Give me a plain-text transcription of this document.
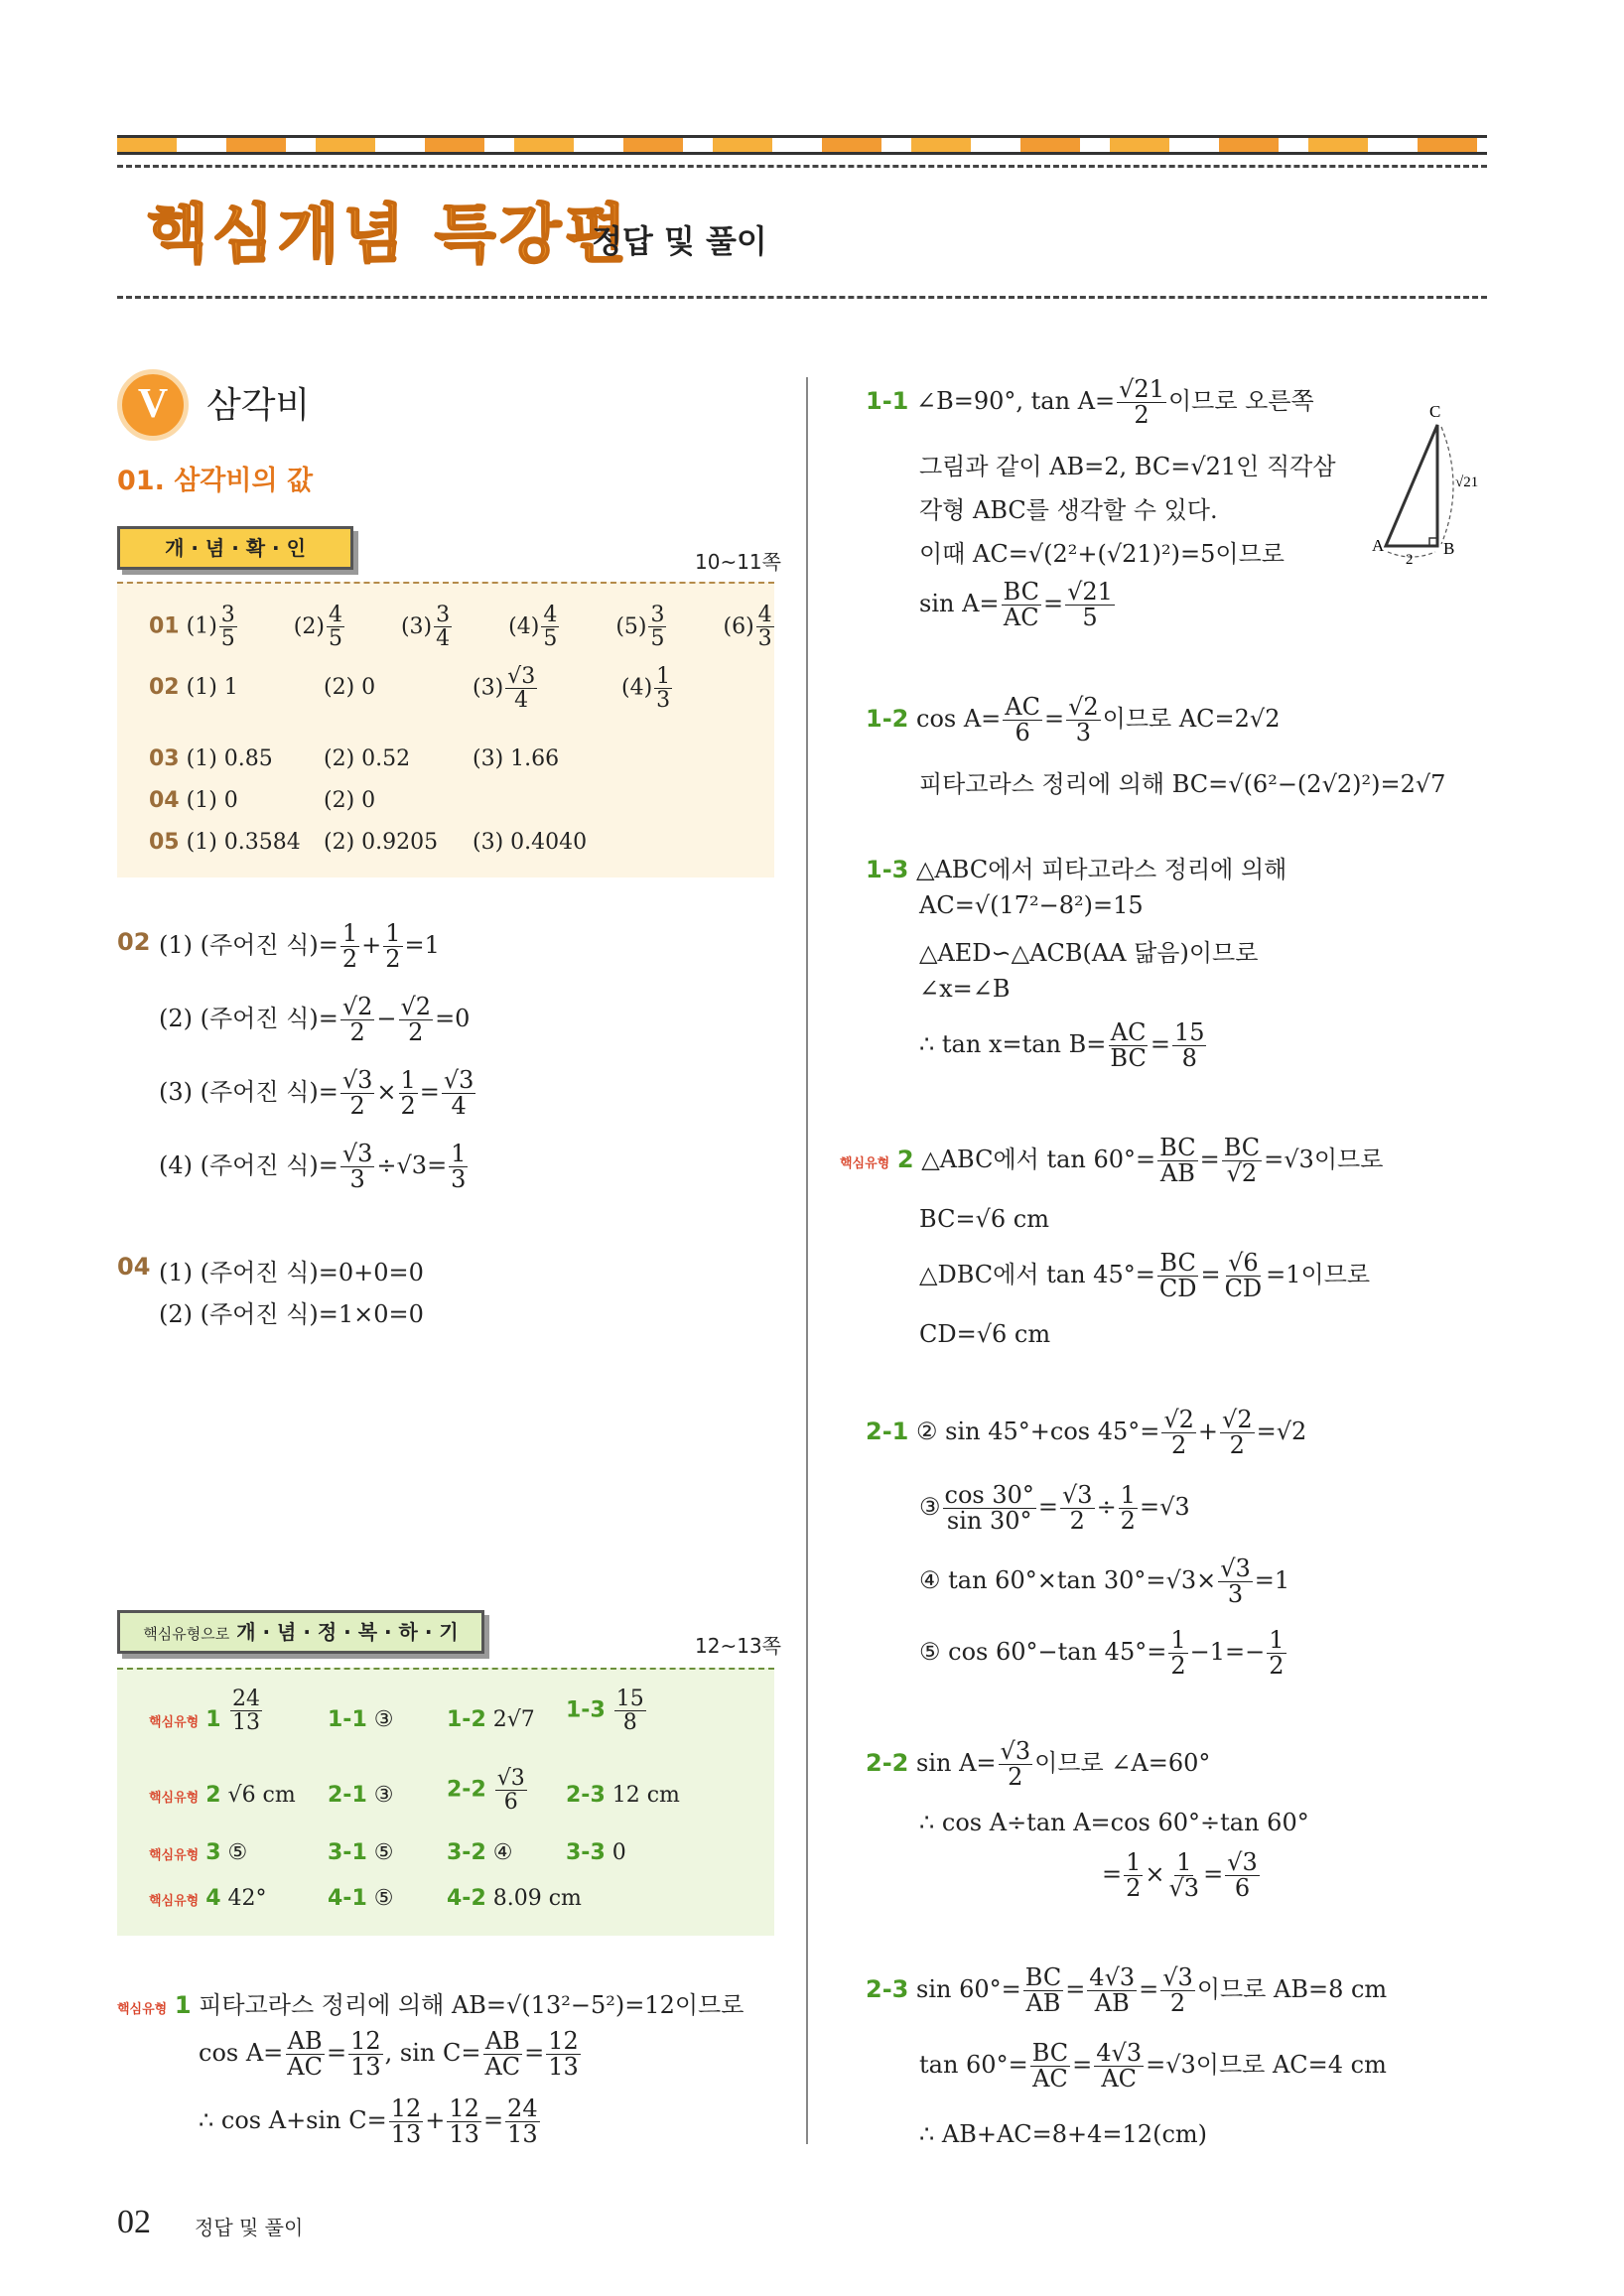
핵심개념 특강편
정답 및 풀이
V	삼각비
01. 삼각비의 값
개 · 념 · 확 · 인
10~11쪽
01 $(1) \frac{3}{5}$	$(2) \frac{4}{5}$	$(3) \frac{3}{4}$	$(4) \frac{4}{5}$	$(5) \frac{3}{5}$	$(6) \frac{4}{3}$
02 (1) 1	(2) 0	$(3) \frac{√3}{4}$	$(4) \frac{1}{3}$
03 (1) 0.85 (2) 0.52	(3) 1.66
04 (1) 0	(2) 0
05 (1) 0.3584 (2) 0.9205 (3) 0.4040
02 (1) (주어진 식)= $\frac{1}{2} + \frac{1}{2} =1$
(2) (주어진 식)= $\frac{√2}{2} - \frac{√2}{2} =0$
(3) (주어진 식)= $\frac{√3}{2} \times \frac{1}{2} = \frac{√3}{4}$
(4) (주어진 식)= $\frac{√3}{3} \div√3= \frac{1}{3}$
04 (1) (주어진 식)=0+0=0
(2) (주어진 식)=1×0=0
핵심유형으로 개 · 념 · 정 · 복 · 하 · 기
12~13쪽
핵심유형 $1 \frac{24}{13}$	1-1 ③ 1-2 2√7 $1-3 \frac{15}{8}$
핵심유형 2 √6 cm 2-1 ③ $2-2 \frac{√3}{6} 2-3$ 12 cm
핵심유형 3 ⑤	3-1 ⑤ 3-2 ④ 3-3 0
핵심유형 4 42°	4-1 ⑤ 4-2 8.09 cm
핵심유형 1 피타고라스 정리에 의해 AB=√(13²−5²)=12이므로
$\cos A= \frac{AB}{AC} = \frac{12}{13}$ , $\sin C= \frac{AB}{AC} = \frac{12}{13}$
∴ cos A+sin $C= \frac{12}{13} + \frac{12}{13} = \frac{24}{13}$
1-1 ∠B=90°, $\tan A= \frac{√21}{2}$ 이므로 오른쪽
그림과 같이 AB=2, BC=√21인 직각삼
각형 ABC를 생각할 수 있다.
이때 AC=√(2²+(√21)²)=5이므로
$\sin A= \frac{BC}{AC} = \frac{√21}{5}$
A	B
C
2
√21
1-2 $\cos A= \frac{AC}{6} = \frac{√2}{3}$ 이므로 AC=2√2
피타고라스 정리에 의해 BC=√(6²−(2√2)²)=2√7
1-3 △ABC에서 피타고라스 정리에 의해
AC=√(17²−8²)=15
△AED∽△ACB(AA 닮음)이므로
∠x=∠B
∴ tan x=tan $B= \frac{AC}{BC} = \frac{15}{8}$
핵심유형 2 △ABC에서 $\tan 60^\circ= \frac{BC}{AB} = \frac{BC}{√2} =√3$이므로
BC=√6 cm
△DBC에서 $\tan 45^\circ= \frac{BC}{CD} = \frac{√6}{CD} =1$이므로
CD=√6 cm
2-1 ② sin 45°+cos $45^\circ= \frac{√2}{2} + \frac{√2}{2} =√2$
③ $\frac{\cos 30^\circ}{\sin 30^\circ} = \frac{√3}{2} \div \frac{1}{2} =√3$
④ tan 60°×tan $30^\circ=√3\times \frac{√3}{3} =1$
⑤ cos 60°−tan $45^\circ= \frac{1}{2} -1=- \frac{1}{2}$
2-2 $\sin A= \frac{√3}{2}$ 이므로 ∠A=60°
∴ cos A÷tan A=cos 60°÷tan 60°
= $\frac{1}{2} \times \frac{1}{√3} = \frac{√3}{6}$
2-3 $\sin 60^\circ= \frac{BC}{AB} = \frac{4√3}{AB} = \frac{√3}{2}$ 이므로 AB=8 cm
$\tan 60^\circ= \frac{BC}{AC} = \frac{4√3}{AC} =√3$이므로 AC=4 cm
∴ AB+AC=8+4=12(cm)
02 정답 및 풀이
